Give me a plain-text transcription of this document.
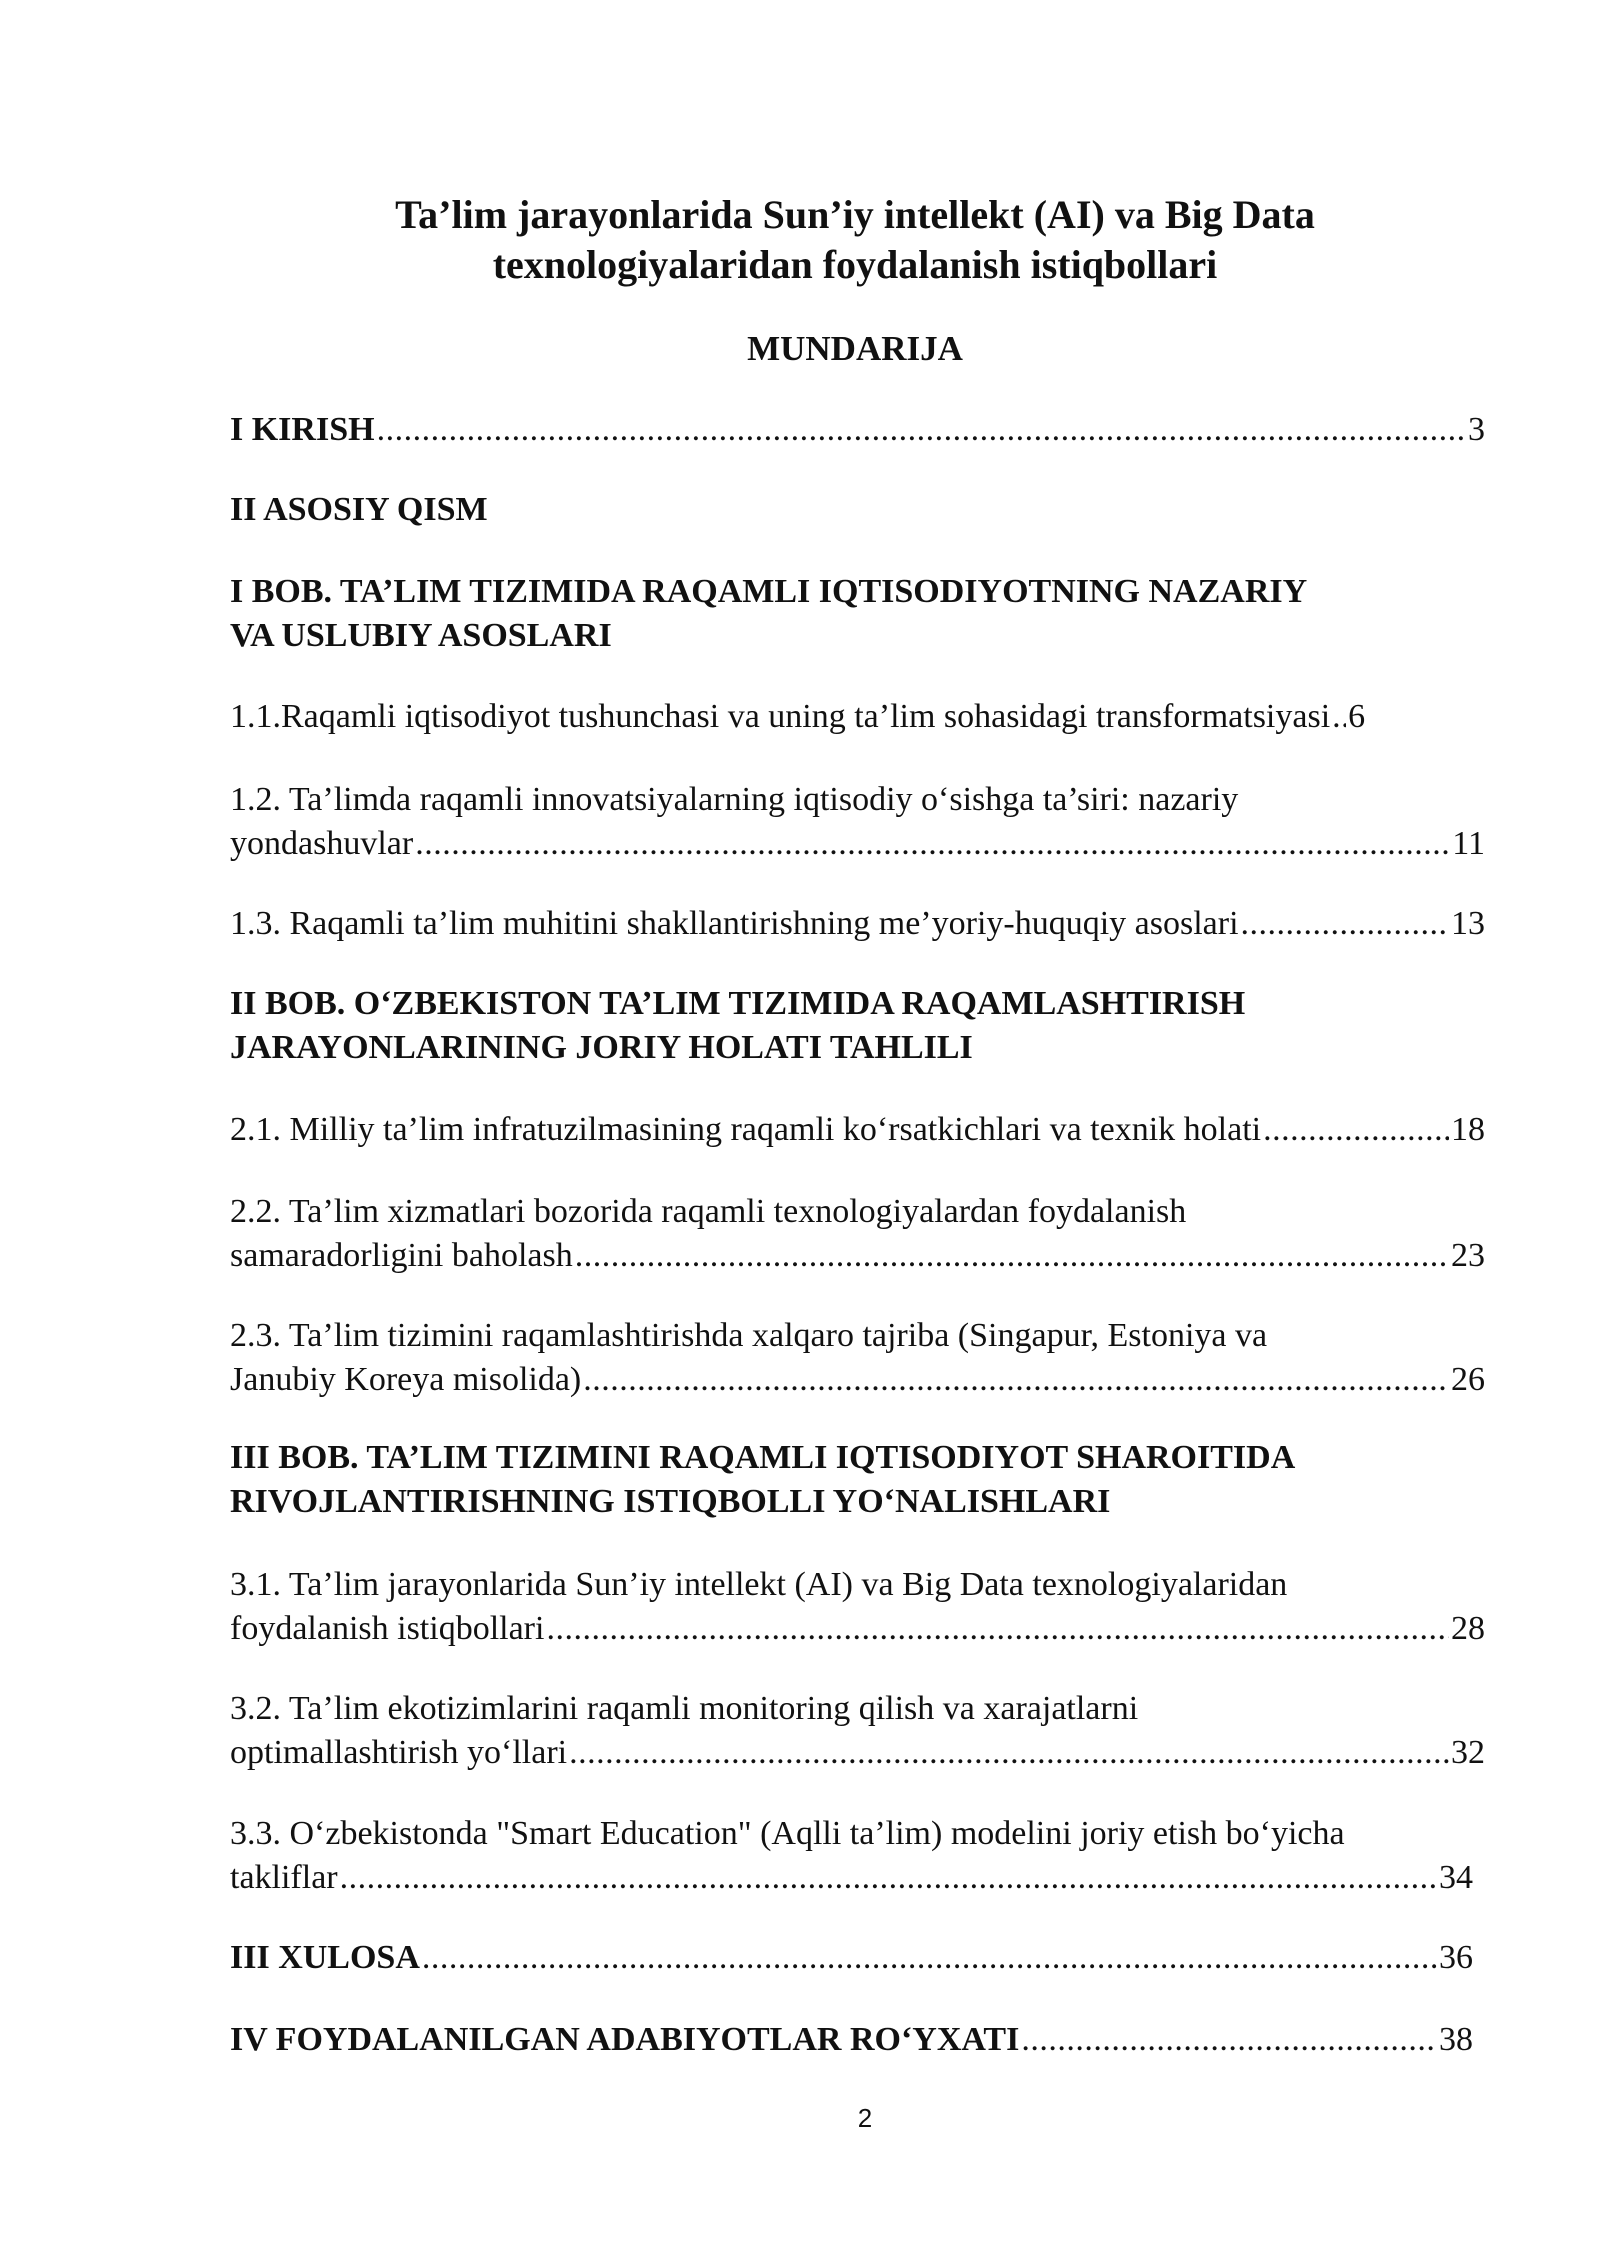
Ta’lim jarayonlarida Sun’iy intellekt (AI) va Big Data
texnologiyalaridan foydalanish istiqbollari
MUNDARIJA
I KIRISH .....	3
II ASOSIY QISM
I BOB. TA’LIM TIZIMIDA RAQAMLI IQTISODIYOTNING NAZARIY
VA USLUBIY ASOSLARI
1.1.Raqamli iqtisodiyot tushunchasi va uning ta’lim sohasidagi transformatsiyasi ..... 6
1.2. Ta’limda raqamli innovatsiyalarning iqtisodiy o‘sishga ta’siri: nazariy
yondashuvlar .....	11
1.3. Raqamli ta’lim muhitini shakllantirishning me’yoriy-huquqiy asoslari .....	13
II BOB. O‘ZBEKISTON TA’LIM TIZIMIDA RAQAMLASHTIRISH
JARAYONLARINING JORIY HOLATI TAHLILI
2.1. Milliy ta’lim infratuzilmasining raqamli ko‘rsatkichlari va texnik holati .....	18
2.2. Ta’lim xizmatlari bozorida raqamli texnologiyalardan foydalanish
samaradorligini baholash .....	23
2.3. Ta’lim tizimini raqamlashtirishda xalqaro tajriba (Singapur, Estoniya va
Janubiy Koreya misolida) .....	26
III BOB. TA’LIM TIZIMINI RAQAMLI IQTISODIYOT SHAROITIDA
RIVOJLANTIRISHNING ISTIQBOLLI YO‘NALISHLARI
3.1. Ta’lim jarayonlarida Sun’iy intellekt (AI) va Big Data texnologiyalaridan
foydalanish istiqbollari .....	28
3.2. Ta’lim ekotizimlarini raqamli monitoring qilish va xarajatlarni
optimallashtirish yo‘llari .....	32
3.3. O‘zbekistonda "Smart Education" (Aqlli ta’lim) modelini joriy etish bo‘yicha
takliflar .....	34
III XULOSA .....	36
IV FOYDALANILGAN ADABIYOTLAR RO‘YXATI .....	38
2
